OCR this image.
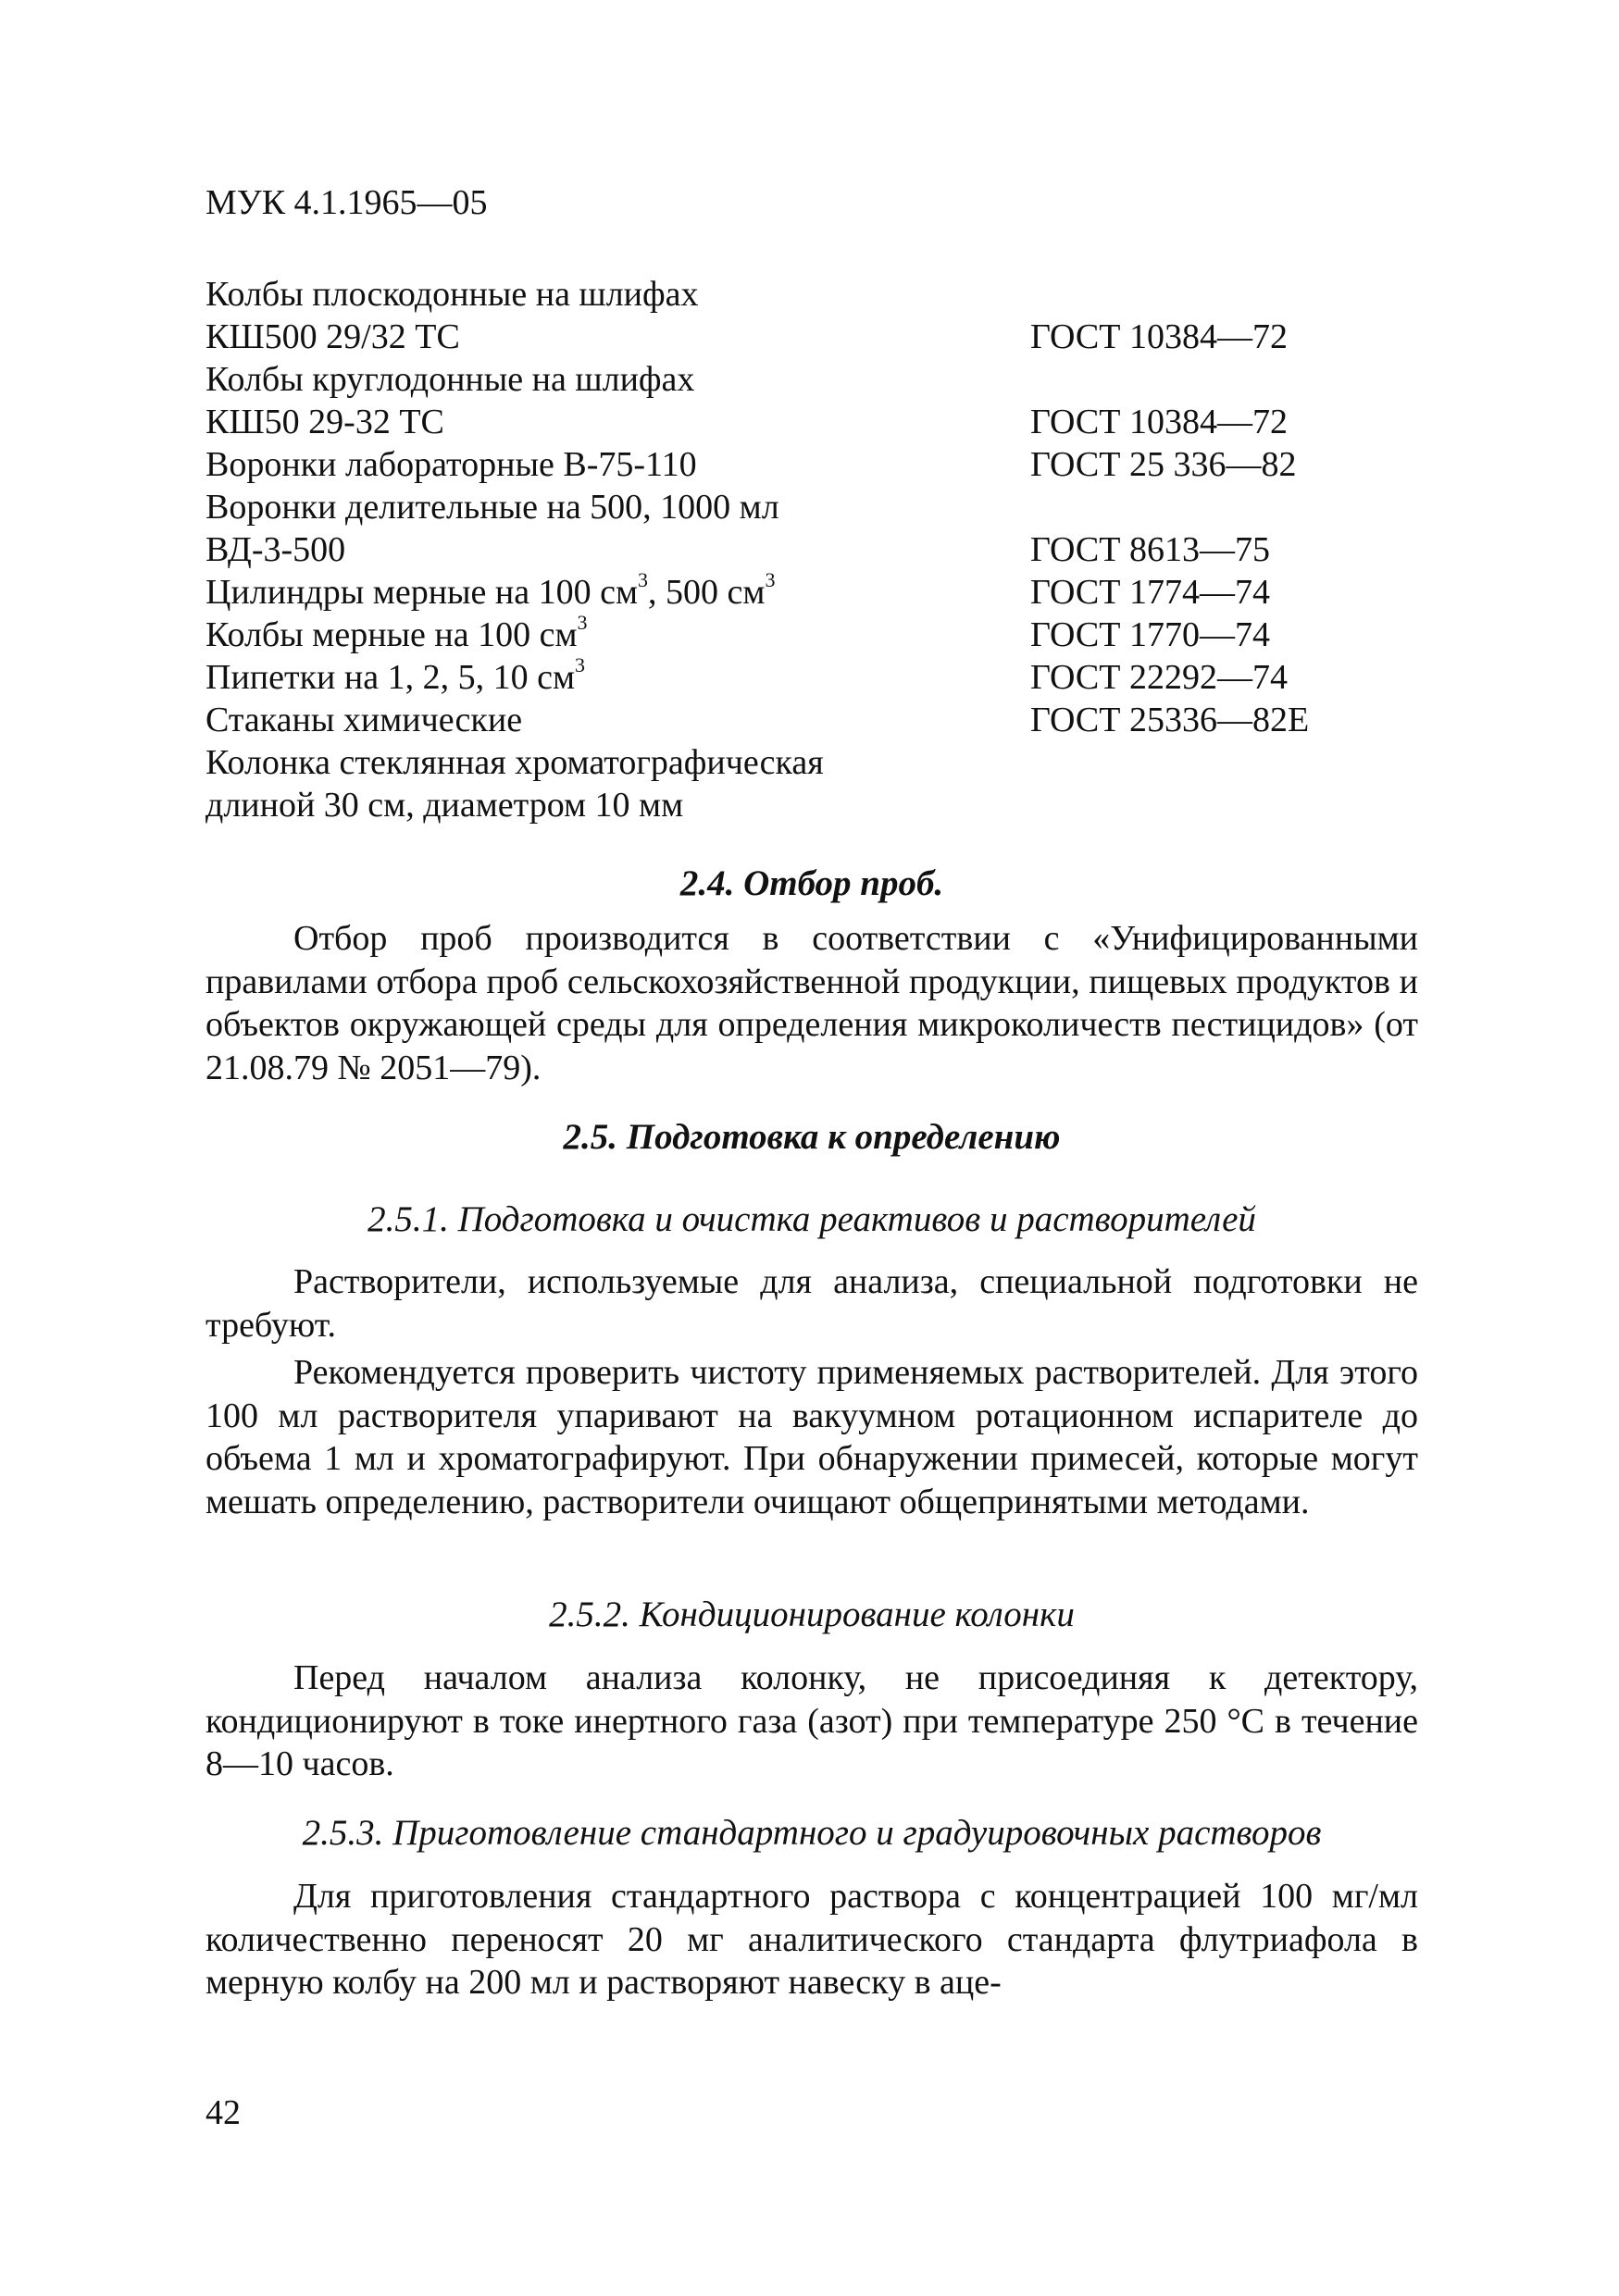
МУК 4.1.1965—05
Колбы плоскодонные на шлифах
КШ500 29/32 ТС	ГОСТ 10384—72
Колбы круглодонные на шлифах
КШ50 29-32 ТС	ГОСТ 10384—72
Воронки лабораторные В-75-110	ГОСТ 25 336—82
Воронки делительные на 500, 1000 мл
ВД-3-500	ГОСТ 8613—75
Цилиндры мерные на 100 $см^3$, 500 $см^3$	ГОСТ 1774—74
Колбы мерные на 100 $см^3$	ГОСТ 1770—74
Пипетки на 1, 2, 5, 10 $см^3$	ГОСТ 22292—74
Стаканы химические	ГОСТ 25336—82Е
Колонка стеклянная хроматографическая
длиной 30 см, диаметром 10 мм
2.4. Отбор проб.
Отбор проб производится в соответствии с «Унифицированными правилами отбора проб сельскохозяйственной продукции, пищевых продуктов и объектов окружающей среды для определения микроколичеств пестицидов» (от 21.08.79 № 2051—79).
2.5. Подготовка к определению
2.5.1. Подготовка и очистка реактивов и растворителей
Растворители, используемые для анализа, специальной подготовки не требуют.
Рекомендуется проверить чистоту применяемых растворителей. Для этого 100 мл растворителя упаривают на вакуумном ротационном испарителе до объема 1 мл и хроматографируют. При обнаружении примесей, которые могут мешать определению, растворители очищают общепринятыми методами.
2.5.2. Кондиционирование колонки
Перед началом анализа колонку, не присоединяя к детектору, кондиционируют в токе инертного газа (азот) при температуре 250 °С в течение 8—10 часов.
2.5.3. Приготовление стандартного и градуировочных растворов
Для приготовления стандартного раствора с концентрацией 100 мг/мл количественно переносят 20 мг аналитического стандарта флутриафола в мерную колбу на 200 мл и растворяют навеску в аце-
42
